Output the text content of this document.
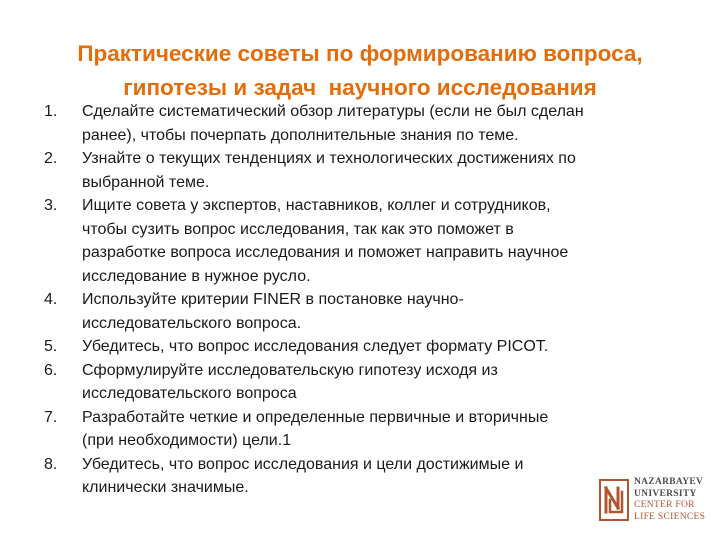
Практические советы по формированию вопроса,
гипотезы и задач  научного исследования
1.	Сделайте систематический обзор литературы (если не был сделан
ранее), чтобы почерпать дополнительные знания по теме.
2.	Узнайте о текущих тенденциях и технологических достижениях по
выбранной теме.
3.	Ищите совета у экспертов, наставников, коллег и сотрудников,
чтобы сузить вопрос исследования, так как это поможет в
разработке вопроса исследования и поможет направить научное
исследование в нужное русло.
4.	Используйте критерии FINER в постановке научно-
исследовательского вопроса.
5.	Убедитесь, что вопрос исследования следует формату PICOT.
6.	Сформулируйте исследовательскую гипотезу исходя из
исследовательского вопроса
7.	Разработайте четкие и определенные первичные и вторичные
(при необходимости) цели.1
8.	Убедитесь, что вопрос исследования и цели достижимые и
клинически значимые.	NAZARBAYEV
UNIVERSITY
CENTER FOR
LIFE SCIENCES
